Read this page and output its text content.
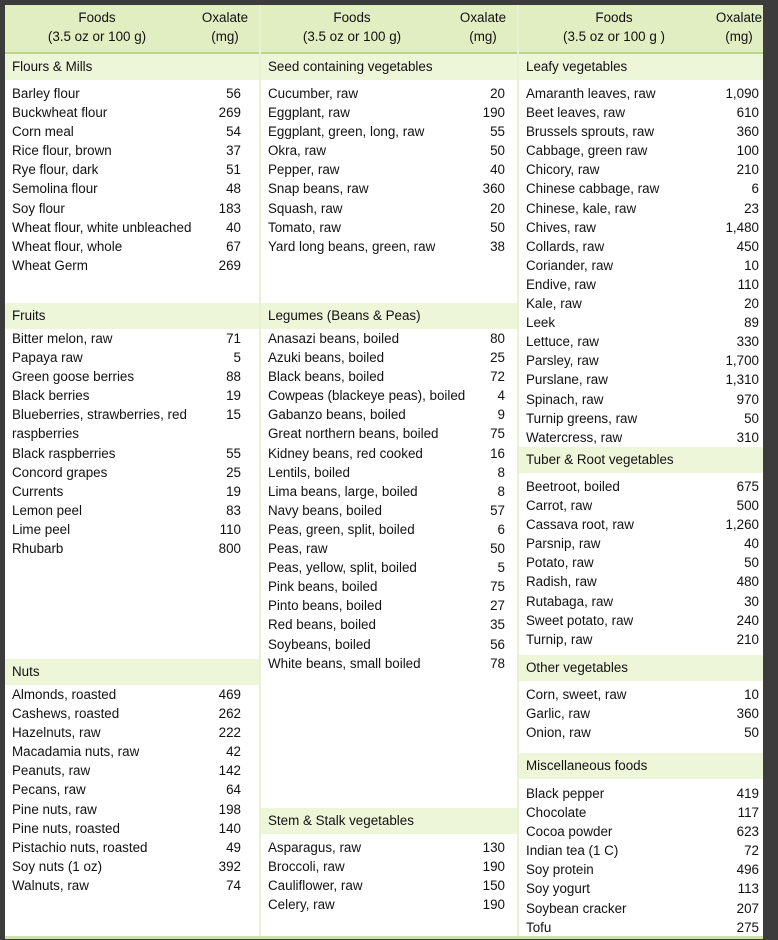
Foods
(3.5 oz or 100 g)
Oxalate
(mg)
Flours & Mills
Barley flour	56
Buckwheat flour	269
Corn meal	54
Rice flour, brown	37
Rye flour, dark	51
Semolina flour	48
Soy flour	183
Wheat flour, white unbleached	40
Wheat flour, whole	67
Wheat Germ	269
Fruits
Bitter melon, raw	71
Papaya raw	5
Green goose berries	88
Black berries	19
Blueberries, strawberries, red raspberries
15
Black raspberries	55
Concord grapes	25
Currents	19
Lemon peel	83
Lime peel	110
Rhubarb	800
Nuts
Almonds, roasted	469
Cashews, roasted	262
Hazelnuts, raw	222
Macadamia nuts, raw	42
Peanuts, raw	142
Pecans, raw	64
Pine nuts, raw	198
Pine nuts, roasted	140
Pistachio nuts, roasted	49
Soy nuts (1 oz)	392
Walnuts, raw	74
Foods
(3.5 oz or 100 g)
Oxalate
(mg)
Seed containing vegetables
Cucumber, raw	20
Eggplant, raw	190
Eggplant, green, long, raw	55
Okra, raw	50
Pepper, raw	40
Snap beans, raw	360
Squash, raw	20
Tomato, raw	50
Yard long beans, green, raw	38
Legumes (Beans & Peas)
Anasazi beans, boiled	80
Azuki beans, boiled	25
Black beans, boiled	72
Cowpeas (blackeye peas), boiled 4
Gabanzo beans, boiled	9
Great northern beans, boiled	75
Kidney beans, red cooked	16
Lentils, boiled	8
Lima beans, large, boiled	8
Navy beans, boiled	57
Peas, green, split, boiled	6
Peas, raw	50
Peas, yellow, split, boiled	5
Pink beans, boiled	75
Pinto beans, boiled	27
Red beans, boiled	35
Soybeans, boiled	56
White beans, small boiled	78
Stem & Stalk vegetables
Asparagus, raw	130
Broccoli, raw	190
Cauliflower, raw	150
Celery, raw	190
Foods
(3.5 oz or 100 g )
Oxalate
(mg)
Leafy vegetables
Amaranth leaves, raw	1,090
Beet leaves, raw	610
Brussels sprouts, raw	360
Cabbage, green raw	100
Chicory, raw	210
Chinese cabbage, raw	6
Chinese, kale, raw	23
Chives, raw	1,480
Collards, raw	450
Coriander, raw	10
Endive, raw	110
Kale, raw	20
Leek	89
Lettuce, raw	330
Parsley, raw	1,700
Purslane, raw	1,310
Spinach, raw	970
Turnip greens, raw	50
Watercress, raw	310
Tuber & Root vegetables
Beetroot, boiled	675
Carrot, raw	500
Cassava root, raw	1,260
Parsnip, raw	40
Potato, raw	50
Radish, raw	480
Rutabaga, raw	30
Sweet potato, raw	240
Turnip, raw	210
Other vegetables
Corn, sweet, raw	10
Garlic, raw	360
Onion, raw	50
Miscellaneous foods
Black pepper	419
Chocolate	117
Cocoa powder	623
Indian tea (1 C)	72
Soy protein	496
Soy yogurt	113
Soybean cracker	207
Tofu	275
